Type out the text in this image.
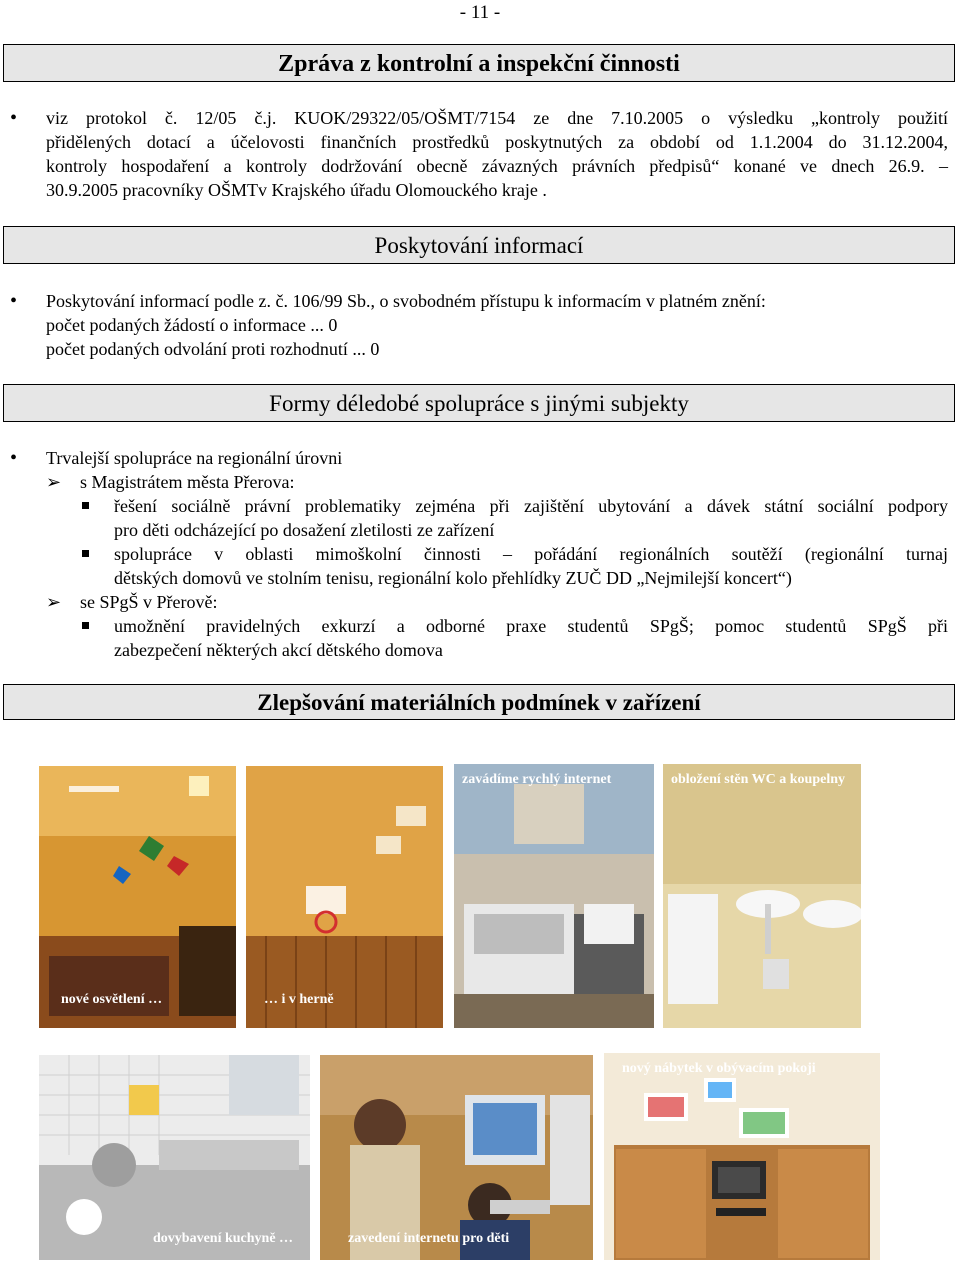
- 11 -
Zpráva z kontrolní a inspekční činnosti
• viz protokol č. 12/05 č.j. KUOK/29322/05/OŠMT/7154 ze dne 7.10.2005 o výsledku „kontroly použití
přidělených dotací a účelovosti finančních prostředků poskytnutých za období od 1.1.2004 do 31.12.2004,
kontroly hospodaření a kontroly dodržování obecně závazných právních předpisů“ konané ve dnech 26.9. –
30.9.2005 pracovníky OŠMTv Krajského úřadu Olomouckého kraje .
Poskytování informací
• Poskytování informací podle z. č. 106/99 Sb., o svobodném přístupu k informacím v platném znění:
počet podaných žádostí o informace ... 0
počet podaných odvolání proti rozhodnutí ... 0
Formy déledobé spolupráce s jinými subjekty
• Trvalejší spolupráce na regionální úrovni
➢ s Magistrátem města Přerova:
řešení sociálně právní problematiky zejména při zajištění ubytování a dávek státní sociální podpory
pro děti odcházející po dosažení zletilosti ze zařízení
spolupráce v oblasti mimoškolní činnosti – pořádání regionálních soutěží (regionální turnaj
dětských domovů ve stolním tenisu, regionální kolo přehlídky ZUČ DD „Nejmilejší koncert“)
➢ se SPgŠ v Přerově:
umožnění pravidelných exkurzí a odborné praxe studentů SPgŠ; pomoc studentů SPgŠ při
zabezpečení některých akcí dětského domova
Zlepšování materiálních podmínek v zařízení
nové osvětlení …	… i v herně
zavádíme rychlý internet	obložení stěn WC a koupelny
dovybavení kuchyně …	zavedení internetu pro děti
nový nábytek v obývacím pokoji
